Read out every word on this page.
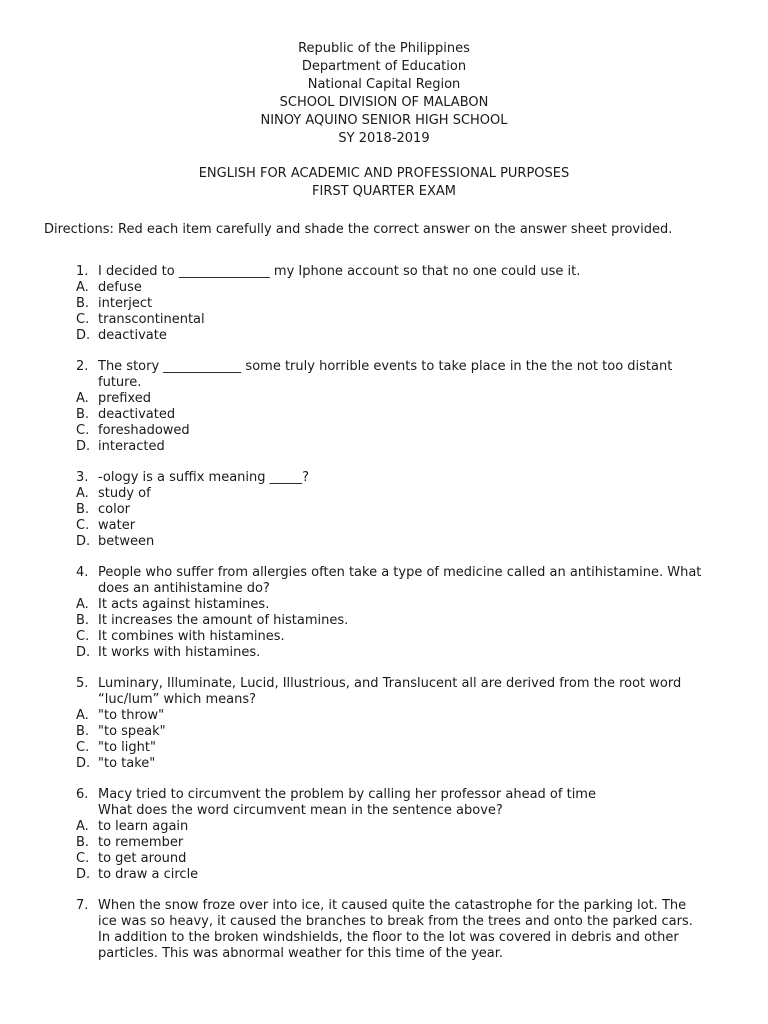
Republic of the Philippines
Department of Education
National Capital Region
SCHOOL DIVISION OF MALABON
NINOY AQUINO SENIOR HIGH SCHOOL
SY 2018-2019
ENGLISH FOR ACADEMIC AND PROFESSIONAL PURPOSES
FIRST QUARTER EXAM
Directions: Red each item carefully and shade the correct answer on the answer sheet provided.
1. I decided to ______________ my Iphone account so that no one could use it.
A. defuse
B. interject
C. transcontinental
D. deactivate
2. The story ____________ some truly horrible events to take place in the the not too distant
future.
A. prefixed
B. deactivated
C. foreshadowed
D. interacted
3. -ology is a suffix meaning _____?
A. study of
B. color
C. water
D. between
4. People who suffer from allergies often take a type of medicine called an antihistamine. What
does an antihistamine do?
A. It acts against histamines.
B. It increases the amount of histamines.
C. It combines with histamines.
D. It works with histamines.
5. Luminary, Illuminate, Lucid, Illustrious, and Translucent all are derived from the root word
“luc/lum” which means?
A. "to throw"
B. "to speak"
C. "to light"
D. "to take"
6. Macy tried to circumvent the problem by calling her professor ahead of time
What does the word circumvent mean in the sentence above?
A. to learn again
B. to remember
C. to get around
D. to draw a circle
7. When the snow froze over into ice, it caused quite the catastrophe for the parking lot. The
ice was so heavy, it caused the branches to break from the trees and onto the parked cars.
In addition to the broken windshields, the floor to the lot was covered in debris and other
particles. This was abnormal weather for this time of the year.
